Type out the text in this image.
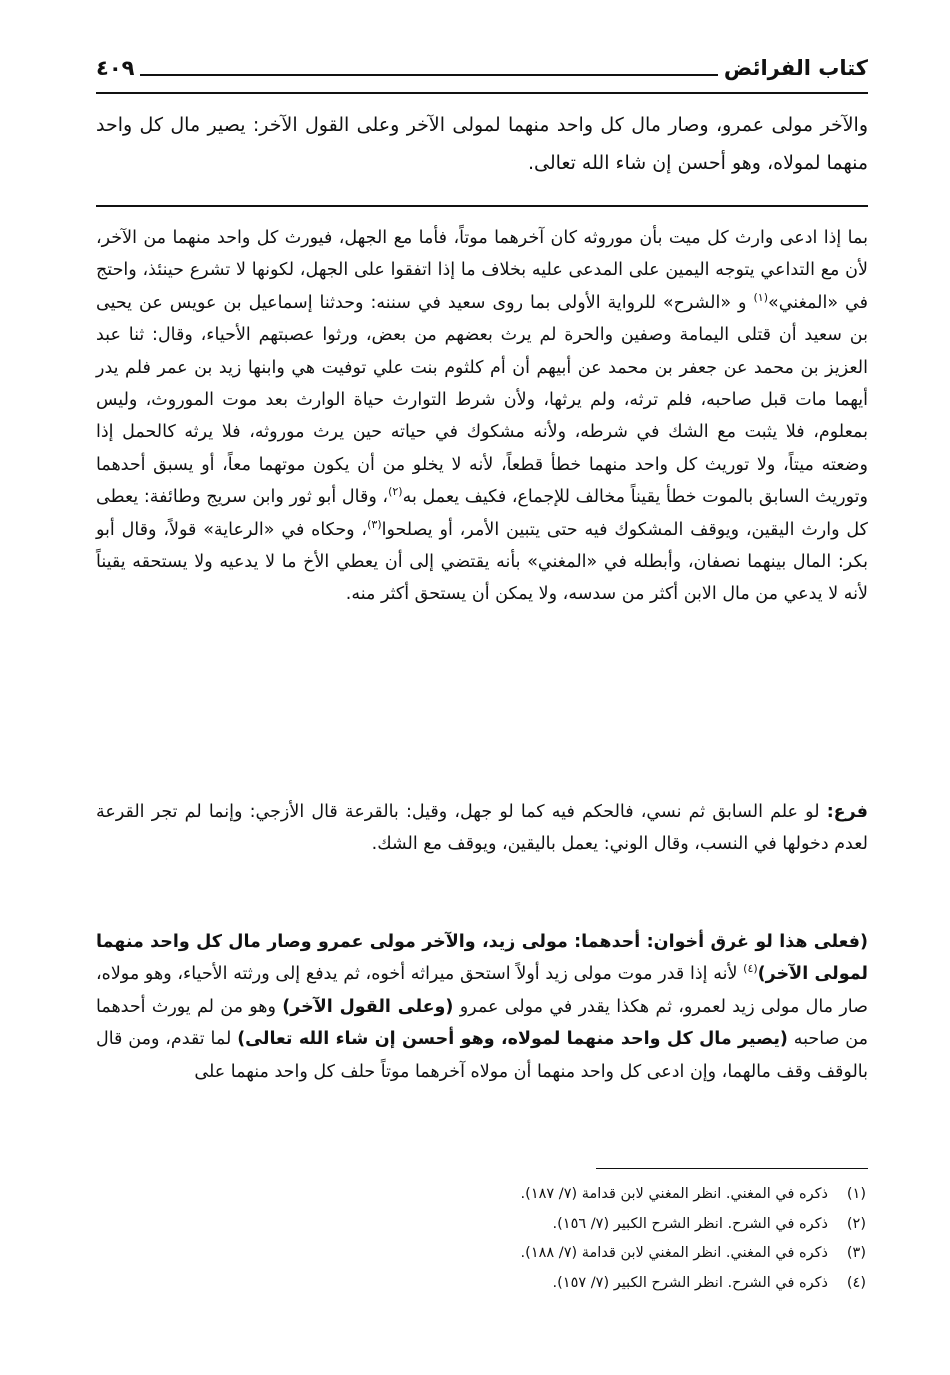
كتاب الفرائض
٤٠٩
والآخر مولى عمرو، وصار مال كل واحد منهما لمولى الآخر وعلى القول الآخر: يصير مال كل واحد منهما لمولاه، وهو أحسن إن شاء الله تعالى.
بما إذا ادعى وارث كل ميت بأن موروثه كان آخرهما موتاً، فأما مع الجهل، فيورث كل واحد منهما من الآخر، لأن مع التداعي يتوجه اليمين على المدعى عليه بخلاف ما إذا اتفقوا على الجهل، لكونها لا تشرع حينئذ، واحتج في «المغني»$^{(١)}$ و «الشرح» للرواية الأولى بما روى سعيد في سننه: وحدثنا إسماعيل بن عويس عن يحيى بن سعيد أن قتلى اليمامة وصفين والحرة لم يرث بعضهم من بعض، ورثوا عصبتهم الأحياء، وقال: ثنا عبد العزيز بن محمد عن جعفر بن محمد عن أبيهم أن أم كلثوم بنت علي توفيت هي وابنها زيد بن عمر فلم يدر أيهما مات قبل صاحبه، فلم ترثه، ولم يرثها، ولأن شرط التوارث حياة الوارث بعد موت الموروث، وليس بمعلوم، فلا يثبت مع الشك في شرطه، ولأنه مشكوك في حياته حين يرث موروثه، فلا يرثه كالحمل إذا وضعته ميتاً، ولا توريث كل واحد منهما خطأ قطعاً، لأنه لا يخلو من أن يكون موتهما معاً، أو يسبق أحدهما وتوريث السابق بالموت خطأ يقيناً مخالف للإجماع، فكيف يعمل به$^{(٢)}$، وقال أبو ثور وابن سريج وطائفة: يعطى كل وارث اليقين، ويوقف المشكوك فيه حتى يتبين الأمر، أو يصلحوا$^{(٣)}$، وحكاه في «الرعاية» قولاً، وقال أبو بكر: المال بينهما نصفان، وأبطله في «المغني» بأنه يقتضي إلى أن يعطي الأخ ما لا يدعيه ولا يستحقه يقيناً لأنه لا يدعي من مال الابن أكثر من سدسه، ولا يمكن أن يستحق أكثر منه.
فرع: لو علم السابق ثم نسي، فالحكم فيه كما لو جهل، وقيل: بالقرعة قال الأزجي: وإنما لم تجر القرعة لعدم دخولها في النسب، وقال الوني: يعمل باليقين، ويوقف مع الشك.
(فعلى هذا لو غرق أخوان: أحدهما: مولى زيد، والآخر مولى عمرو وصار مال كل واحد منهما لمولى الآخر)$^{(٤)}$ لأنه إذا قدر موت مولى زيد أولاً استحق ميراثه أخوه، ثم يدفع إلى ورثته الأحياء، وهو مولاه، صار مال مولى زيد لعمرو، ثم هكذا يقدر في مولى عمرو (وعلى القول الآخر) وهو من لم يورث أحدهما من صاحبه (يصير مال كل واحد منهما لمولاه، وهو أحسن إن شاء الله تعالى) لما تقدم، ومن قال بالوقف وقف مالهما، وإن ادعى كل واحد منهما أن مولاه آخرهما موتاً حلف كل واحد منهما على
(١)
ذكره في المغني. انظر المغني لابن قدامة (٧/ ١٨٧).
(٢)
ذكره في الشرح. انظر الشرح الكبير (٧/ ١٥٦).
(٣)
ذكره في المغني. انظر المغني لابن قدامة (٧/ ١٨٨).
(٤)
ذكره في الشرح. انظر الشرح الكبير (٧/ ١٥٧).
